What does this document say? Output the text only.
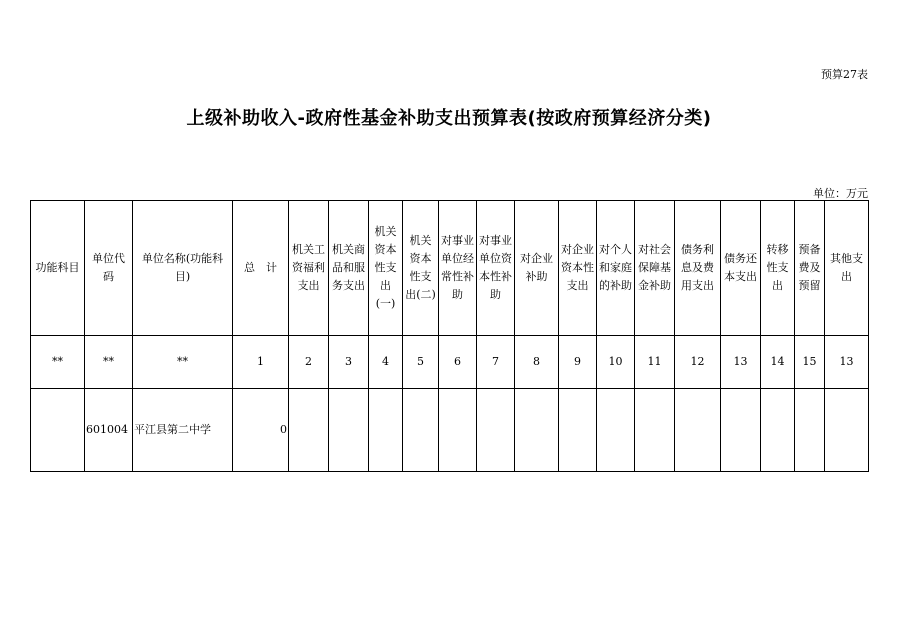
预算27表
上级补助收入-政府性基金补助支出预算表(按政府预算经济分类)
单位：万元
功能科目	单位代码	单位名称(功能科目)	总　计	机关工资福利支出	机关商品和服务支出	机关资本性支出(一)	机关资本性支出(二)	对事业单位经常性补助	对事业单位资本性补助	对企业补助	对企业资本性支出	对个人和家庭的补助	对社会保障基金补助	债务利息及费用支出	债务还本支出	转移性支出	预备费及预留	其他支出
**	**	**	1	2	3	4	5	6	7	8	9	10	11	12	13	14	15	13
	601004	平江县第二中学	0															
